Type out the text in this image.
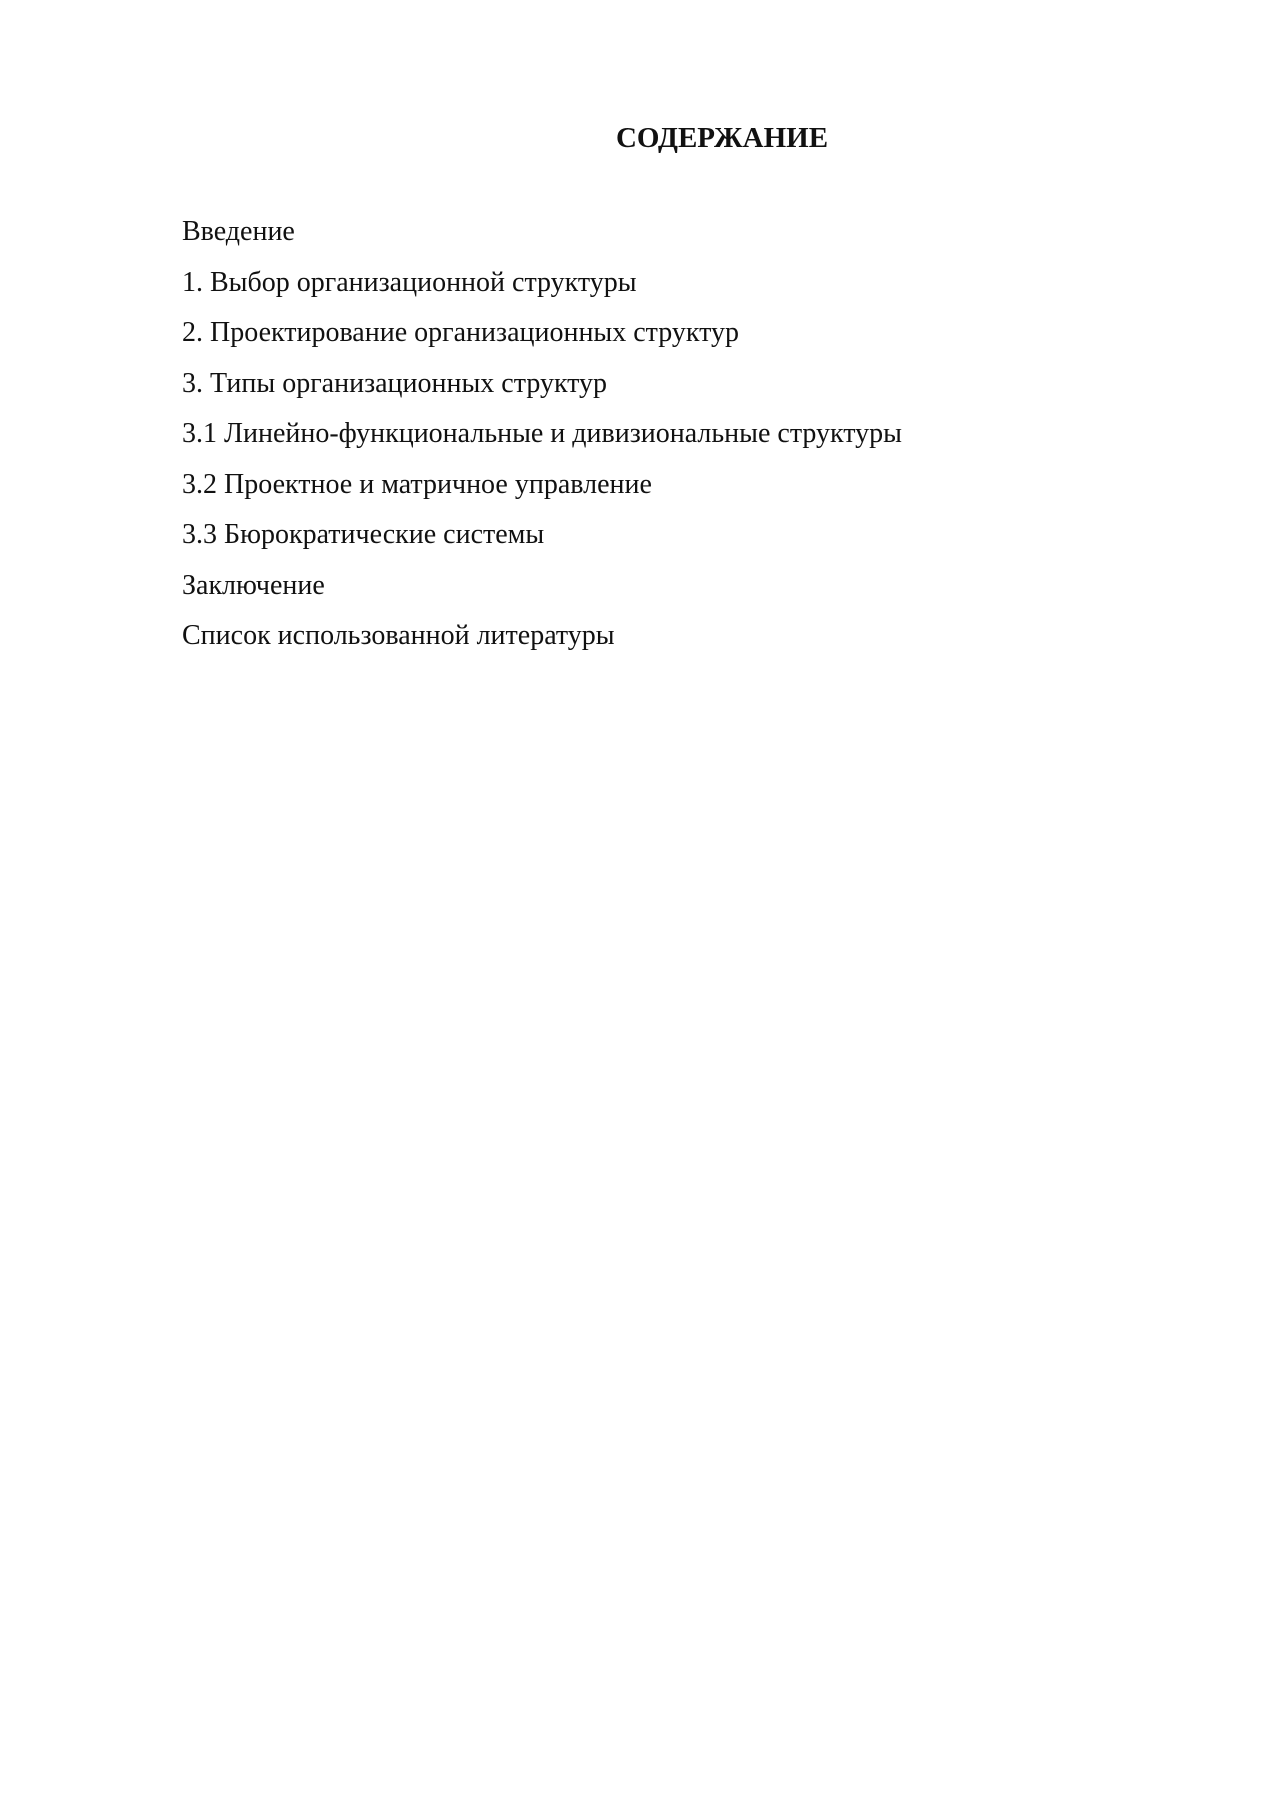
СОДЕРЖАНИЕ
Введение
1. Выбор организационной структуры
2. Проектирование организационных структур
3. Типы организационных структур
3.1 Линейно-функциональные и дивизиональные структуры
3.2 Проектное и матричное управление
3.3 Бюрократические системы
Заключение
Список использованной литературы
